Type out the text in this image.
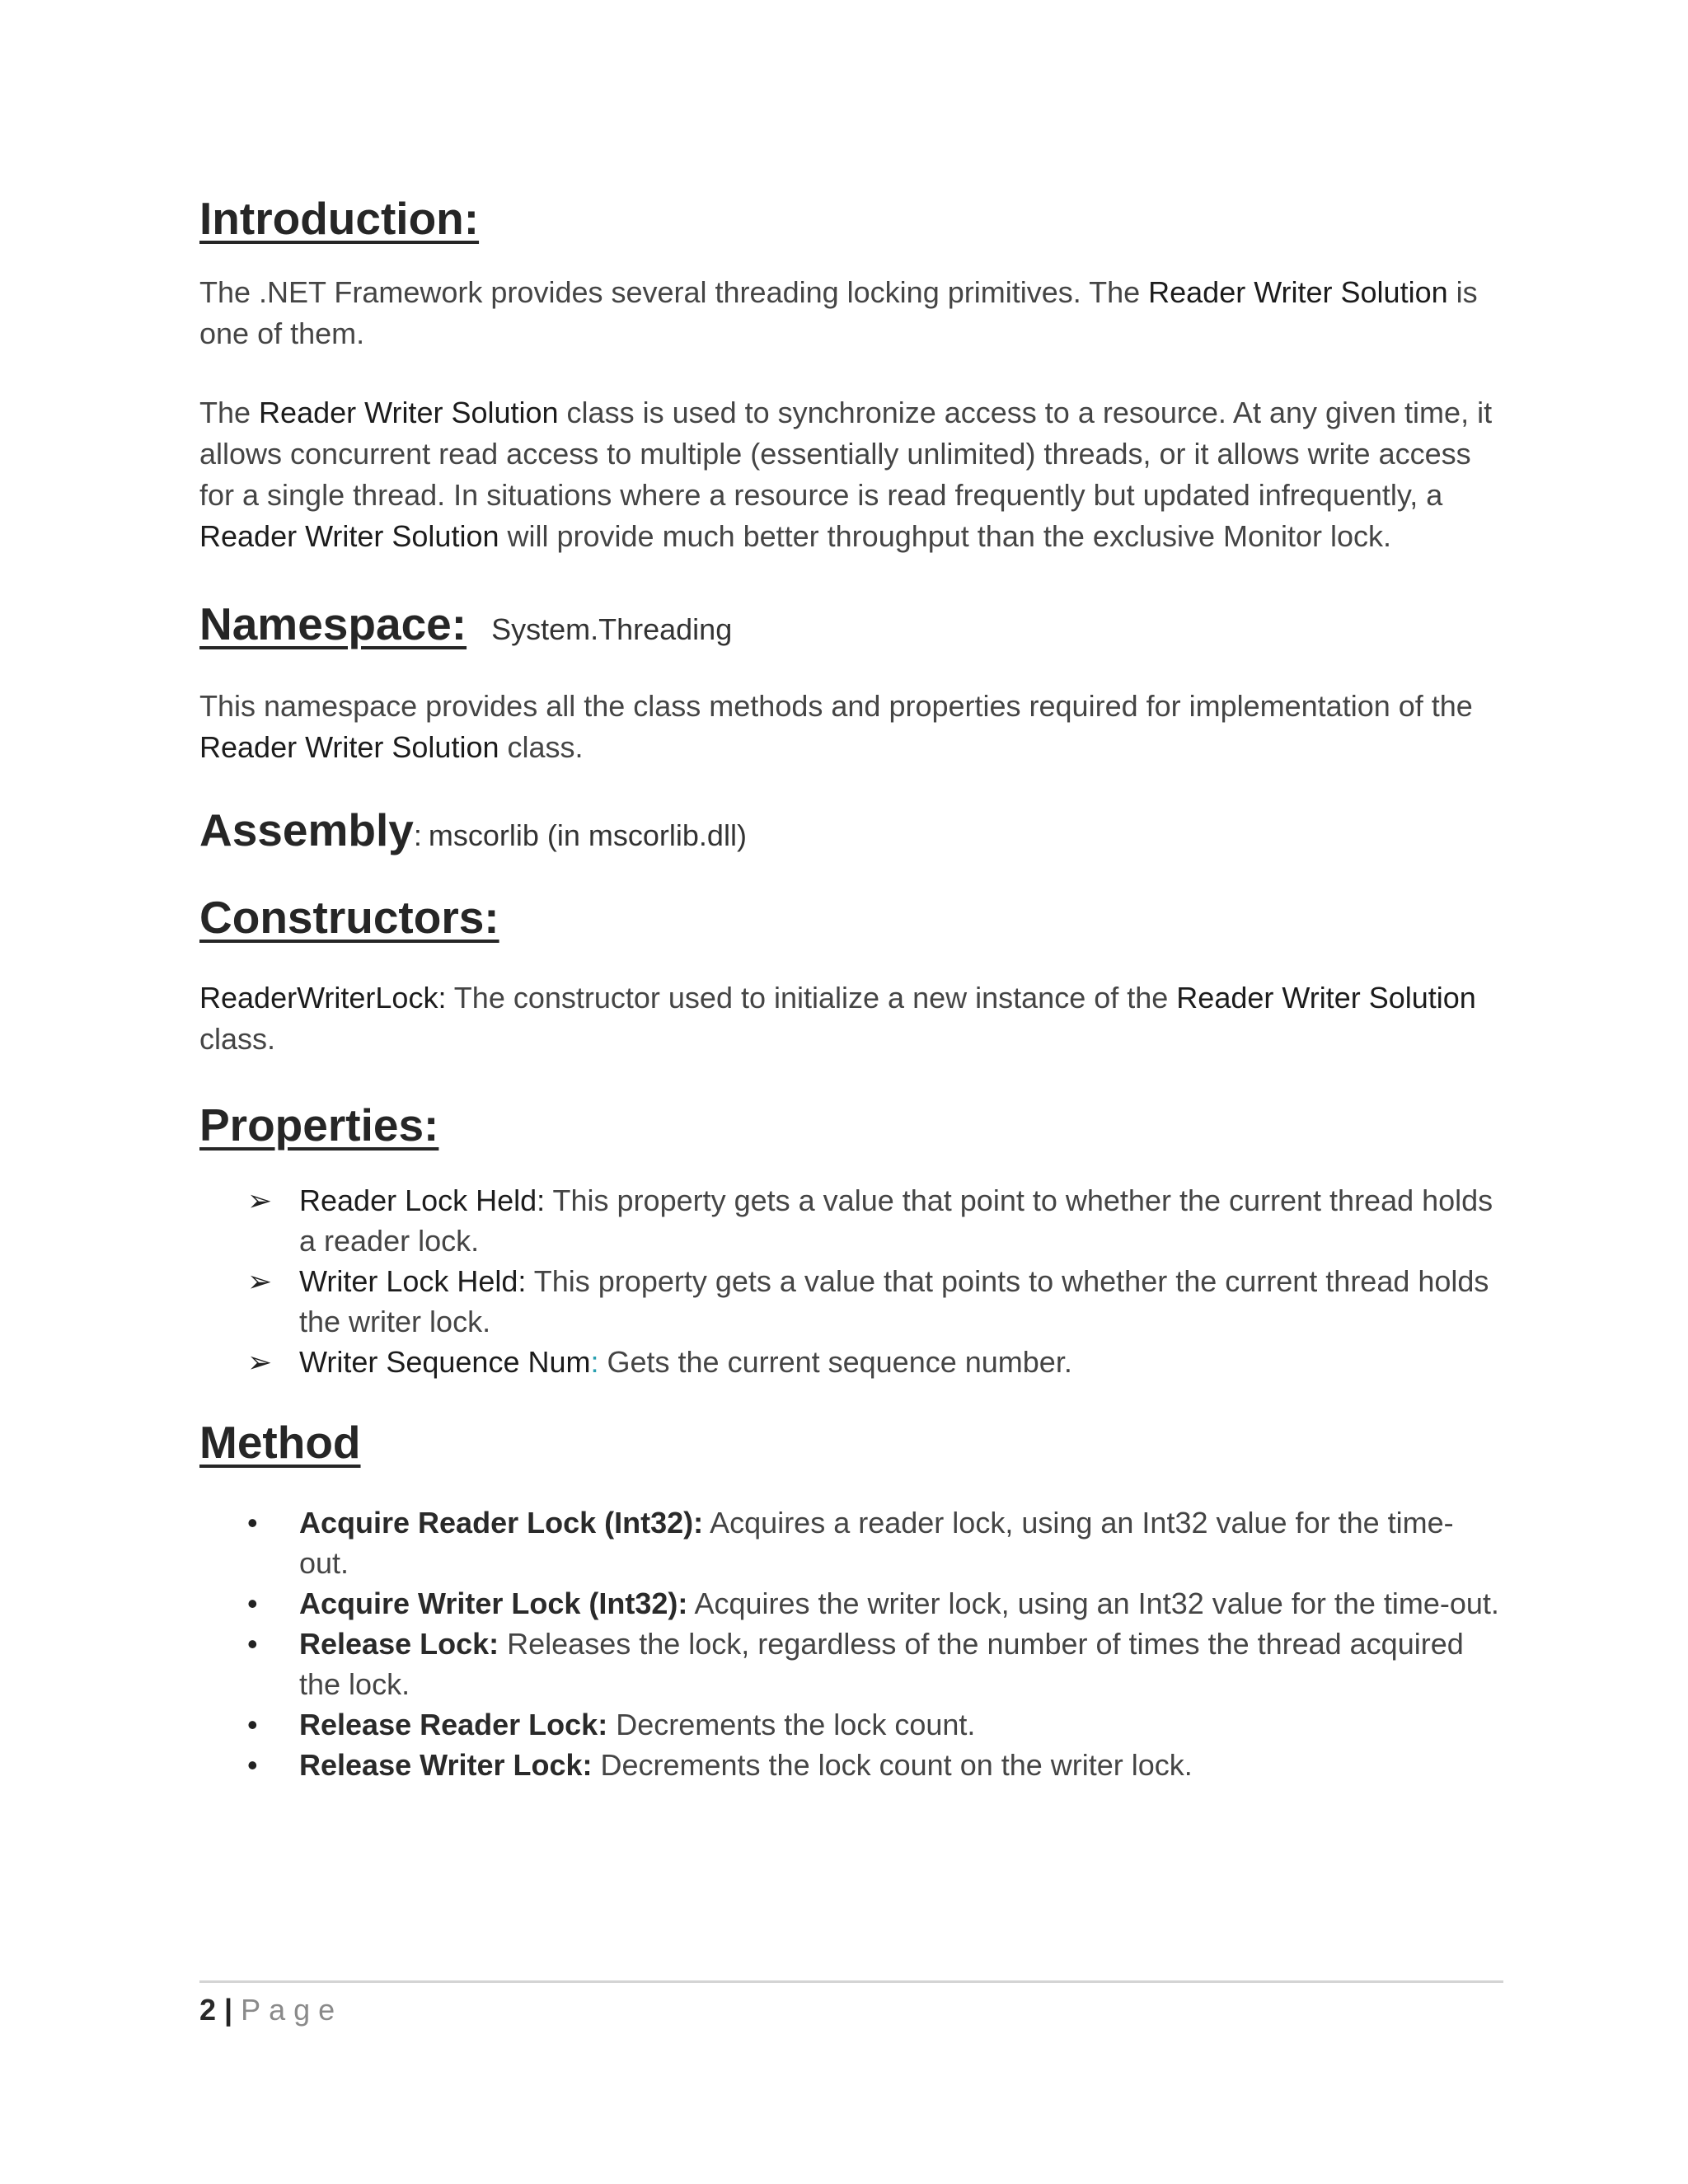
Introduction:

The .NET Framework provides several threading locking primitives. The Reader Writer Solution is one of them.

The Reader Writer Solution class is used to synchronize access to a resource. At any given time, it allows concurrent read access to multiple (essentially unlimited) threads, or it allows write access for a single thread. In situations where a resource is read frequently but updated infrequently, a Reader Writer Solution will provide much better throughput than the exclusive Monitor lock.

Namespace: System.Threading

This namespace provides all the class methods and properties required for implementation of the Reader Writer Solution class.

Assembly: mscorlib (in mscorlib.dll)
Constructors:

ReaderWriterLock: The constructor used to initialize a new instance of the Reader Writer Solution class.

Properties:
➢ Reader Lock Held: This property gets a value that point to whether the current thread holds a reader lock.
➢ Writer Lock Held: This property gets a value that points to whether the current thread holds the writer lock.
➢ Writer Sequence Num: Gets the current sequence number.
Method
•	Acquire Reader Lock (Int32): Acquires a reader lock, using an Int32 value for the time-out.
•	Acquire Writer Lock (Int32): Acquires the writer lock, using an Int32 value for the time-out.
•	Release Lock: Releases the lock, regardless of the number of times the thread acquired the lock.
•	Release Reader Lock: Decrements the lock count.
•	Release Writer Lock: Decrements the lock count on the writer lock.
2 | Page
